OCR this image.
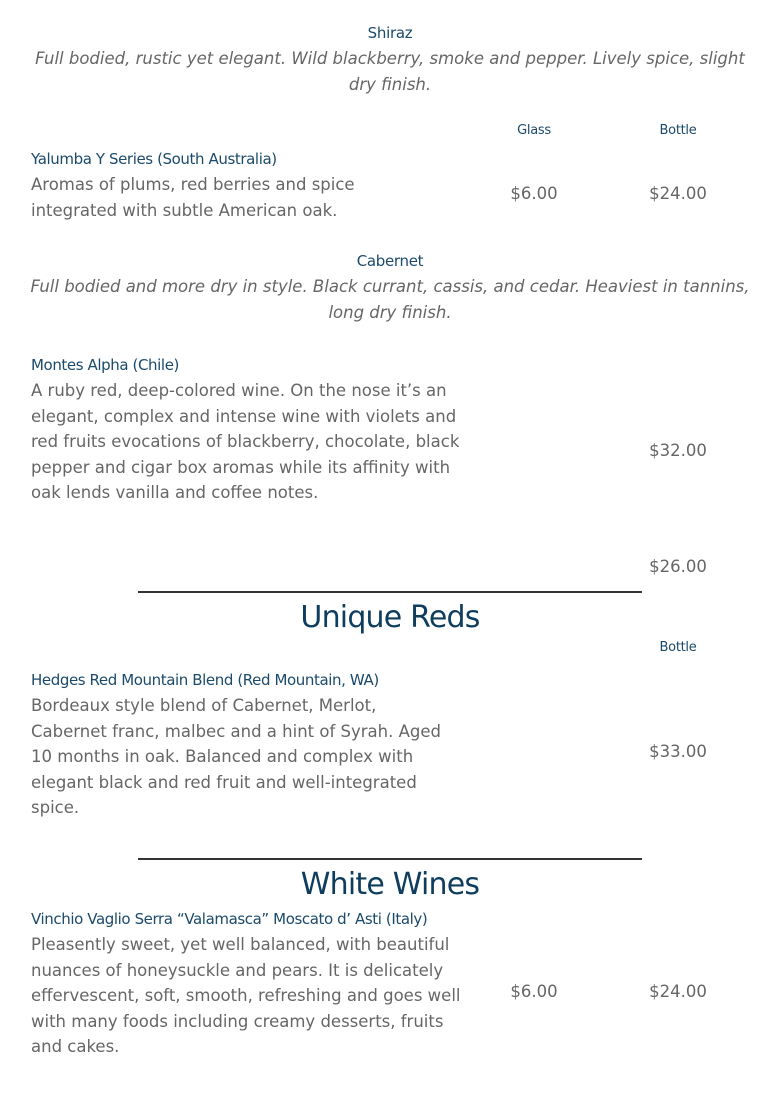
Shiraz
Full bodied, rustic yet elegant. Wild blackberry, smoke and pepper. Lively spice, slight dry finish.
Glass	Bottle
Yalumba Y Series (South Australia)
Aromas of plums, red berries and spice integrated with subtle American oak.
$6.00	$24.00
Cabernet
Full bodied and more dry in style. Black currant, cassis, and cedar. Heaviest in tannins, long dry finish.
Montes Alpha (Chile)
A ruby red, deep-colored wine. On the nose it’s an elegant, complex and intense wine with violets and red fruits evocations of blackberry, chocolate, black pepper and cigar box aromas while its affinity with oak lends vanilla and coffee notes.
$32.00
$26.00
Unique Reds
Bottle
Hedges Red Mountain Blend (Red Mountain, WA)
Bordeaux style blend of Cabernet, Merlot, Cabernet franc, malbec and a hint of Syrah. Aged 10 months in oak. Balanced and complex with elegant black and red fruit and well-integrated spice.
$33.00
White Wines
Vinchio Vaglio Serra “Valamasca” Moscato d’ Asti (Italy)
Pleasently sweet, yet well balanced, with beautiful nuances of honeysuckle and pears. It is delicately effervescent, soft, smooth, refreshing and goes well with many foods including creamy desserts, fruits and cakes.
$6.00	$24.00
